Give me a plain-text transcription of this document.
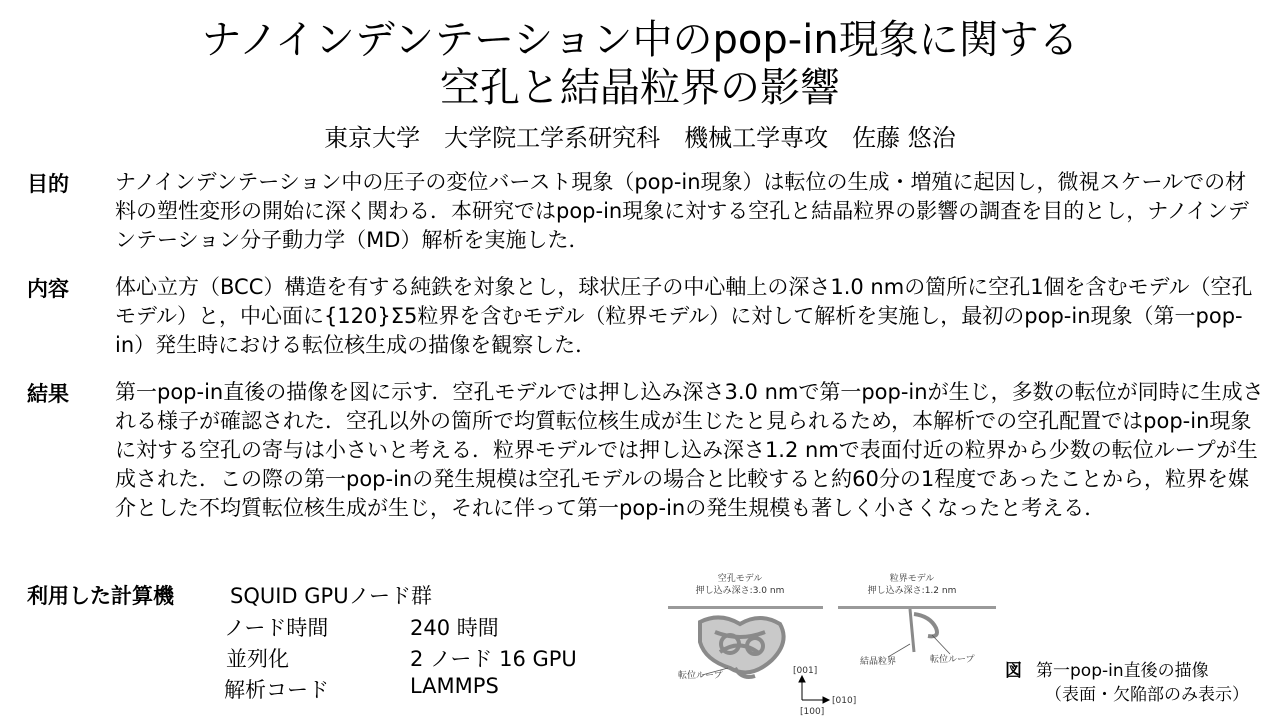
ナノインデンテーション中のpop-in現象に関する
空孔と結晶粒界の影響
東京大学　大学院工学系研究科　機械工学専攻　佐藤 悠治
目的 ナノインデンテーション中の圧子の変位バースト現象（pop-in現象）は転位の生成・増殖に起因し，微視スケールでの材料の塑性変形の開始に深く関わる．本研究ではpop-in現象に対する空孔と結晶粒界の影響の調査を目的とし，ナノインデンテーション分子動力学（MD）解析を実施した．
内容 体心立方（BCC）構造を有する純鉄を対象とし，球状圧子の中心軸上の深さ1.0 nmの箇所に空孔1個を含むモデル（空孔モデル）と，中心面に{120}Σ5粒界を含むモデル（粒界モデル）に対して解析を実施し，最初のpop-in現象（第一pop-in）発生時における転位核生成の描像を観察した．
結果 第一pop-in直後の描像を図に示す．空孔モデルでは押し込み深さ3.0 nmで第一pop-inが生じ，多数の転位が同時に生成される様子が確認された．空孔以外の箇所で均質転位核生成が生じたと見られるため，本解析での空孔配置ではpop-in現象に対する空孔の寄与は小さいと考える．粒界モデルでは押し込み深さ1.2 nmで表面付近の粒界から少数の転位ループが生成された．この際の第一pop-inの発生規模は空孔モデルの場合と比較すると約60分の1程度であったことから，粒界を媒介とした不均質転位核生成が生じ，それに伴って第一pop-inの発生規模も著しく小さくなったと考える．
利用した計算機	SQUID GPUノード群
ノード時間	240 時間
並列化	2 ノード 16 GPU
解析コード	LAMMPS
空孔モデル
押し込み深さ:3.0 nm
転位ループ	[001]
[010]
[100]
粒界モデル
押し込み深さ:1.2 nm
結晶粒界	転位ループ
図 第一pop-in直後の描像
（表面・欠陥部のみ表示）
